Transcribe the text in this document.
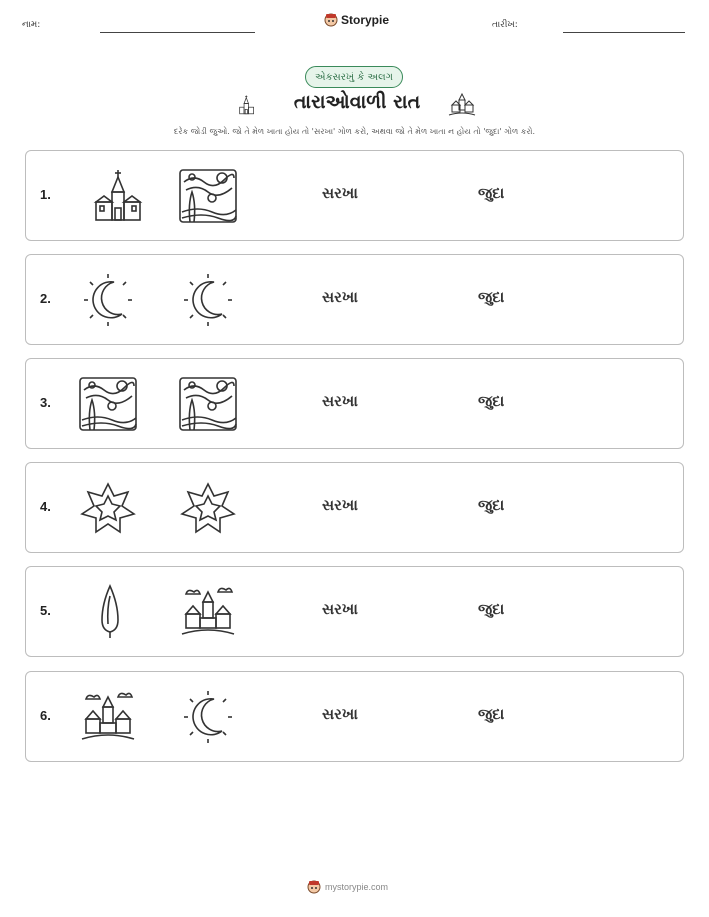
નામ:	Storypie	તારીખ:
એકસરખું કે અલગ
તારાઓવાળી રાત
દરેક જોડી જુઓ. જો તે મેળ ખાતા હોય તો 'સરખા' ગોળ કરો, અથવા જો તે મેળ ખાતા ન હોય તો 'જુદા' ગોળ કરો.
1.	સરખા	જુદા
2.	સરખા	જુદા
3.	સરખા	જુદા
4.	સરખા	જુદા
5.	સરખા	જુદા
6.	સરખા	જુદા
mystorypie.com
